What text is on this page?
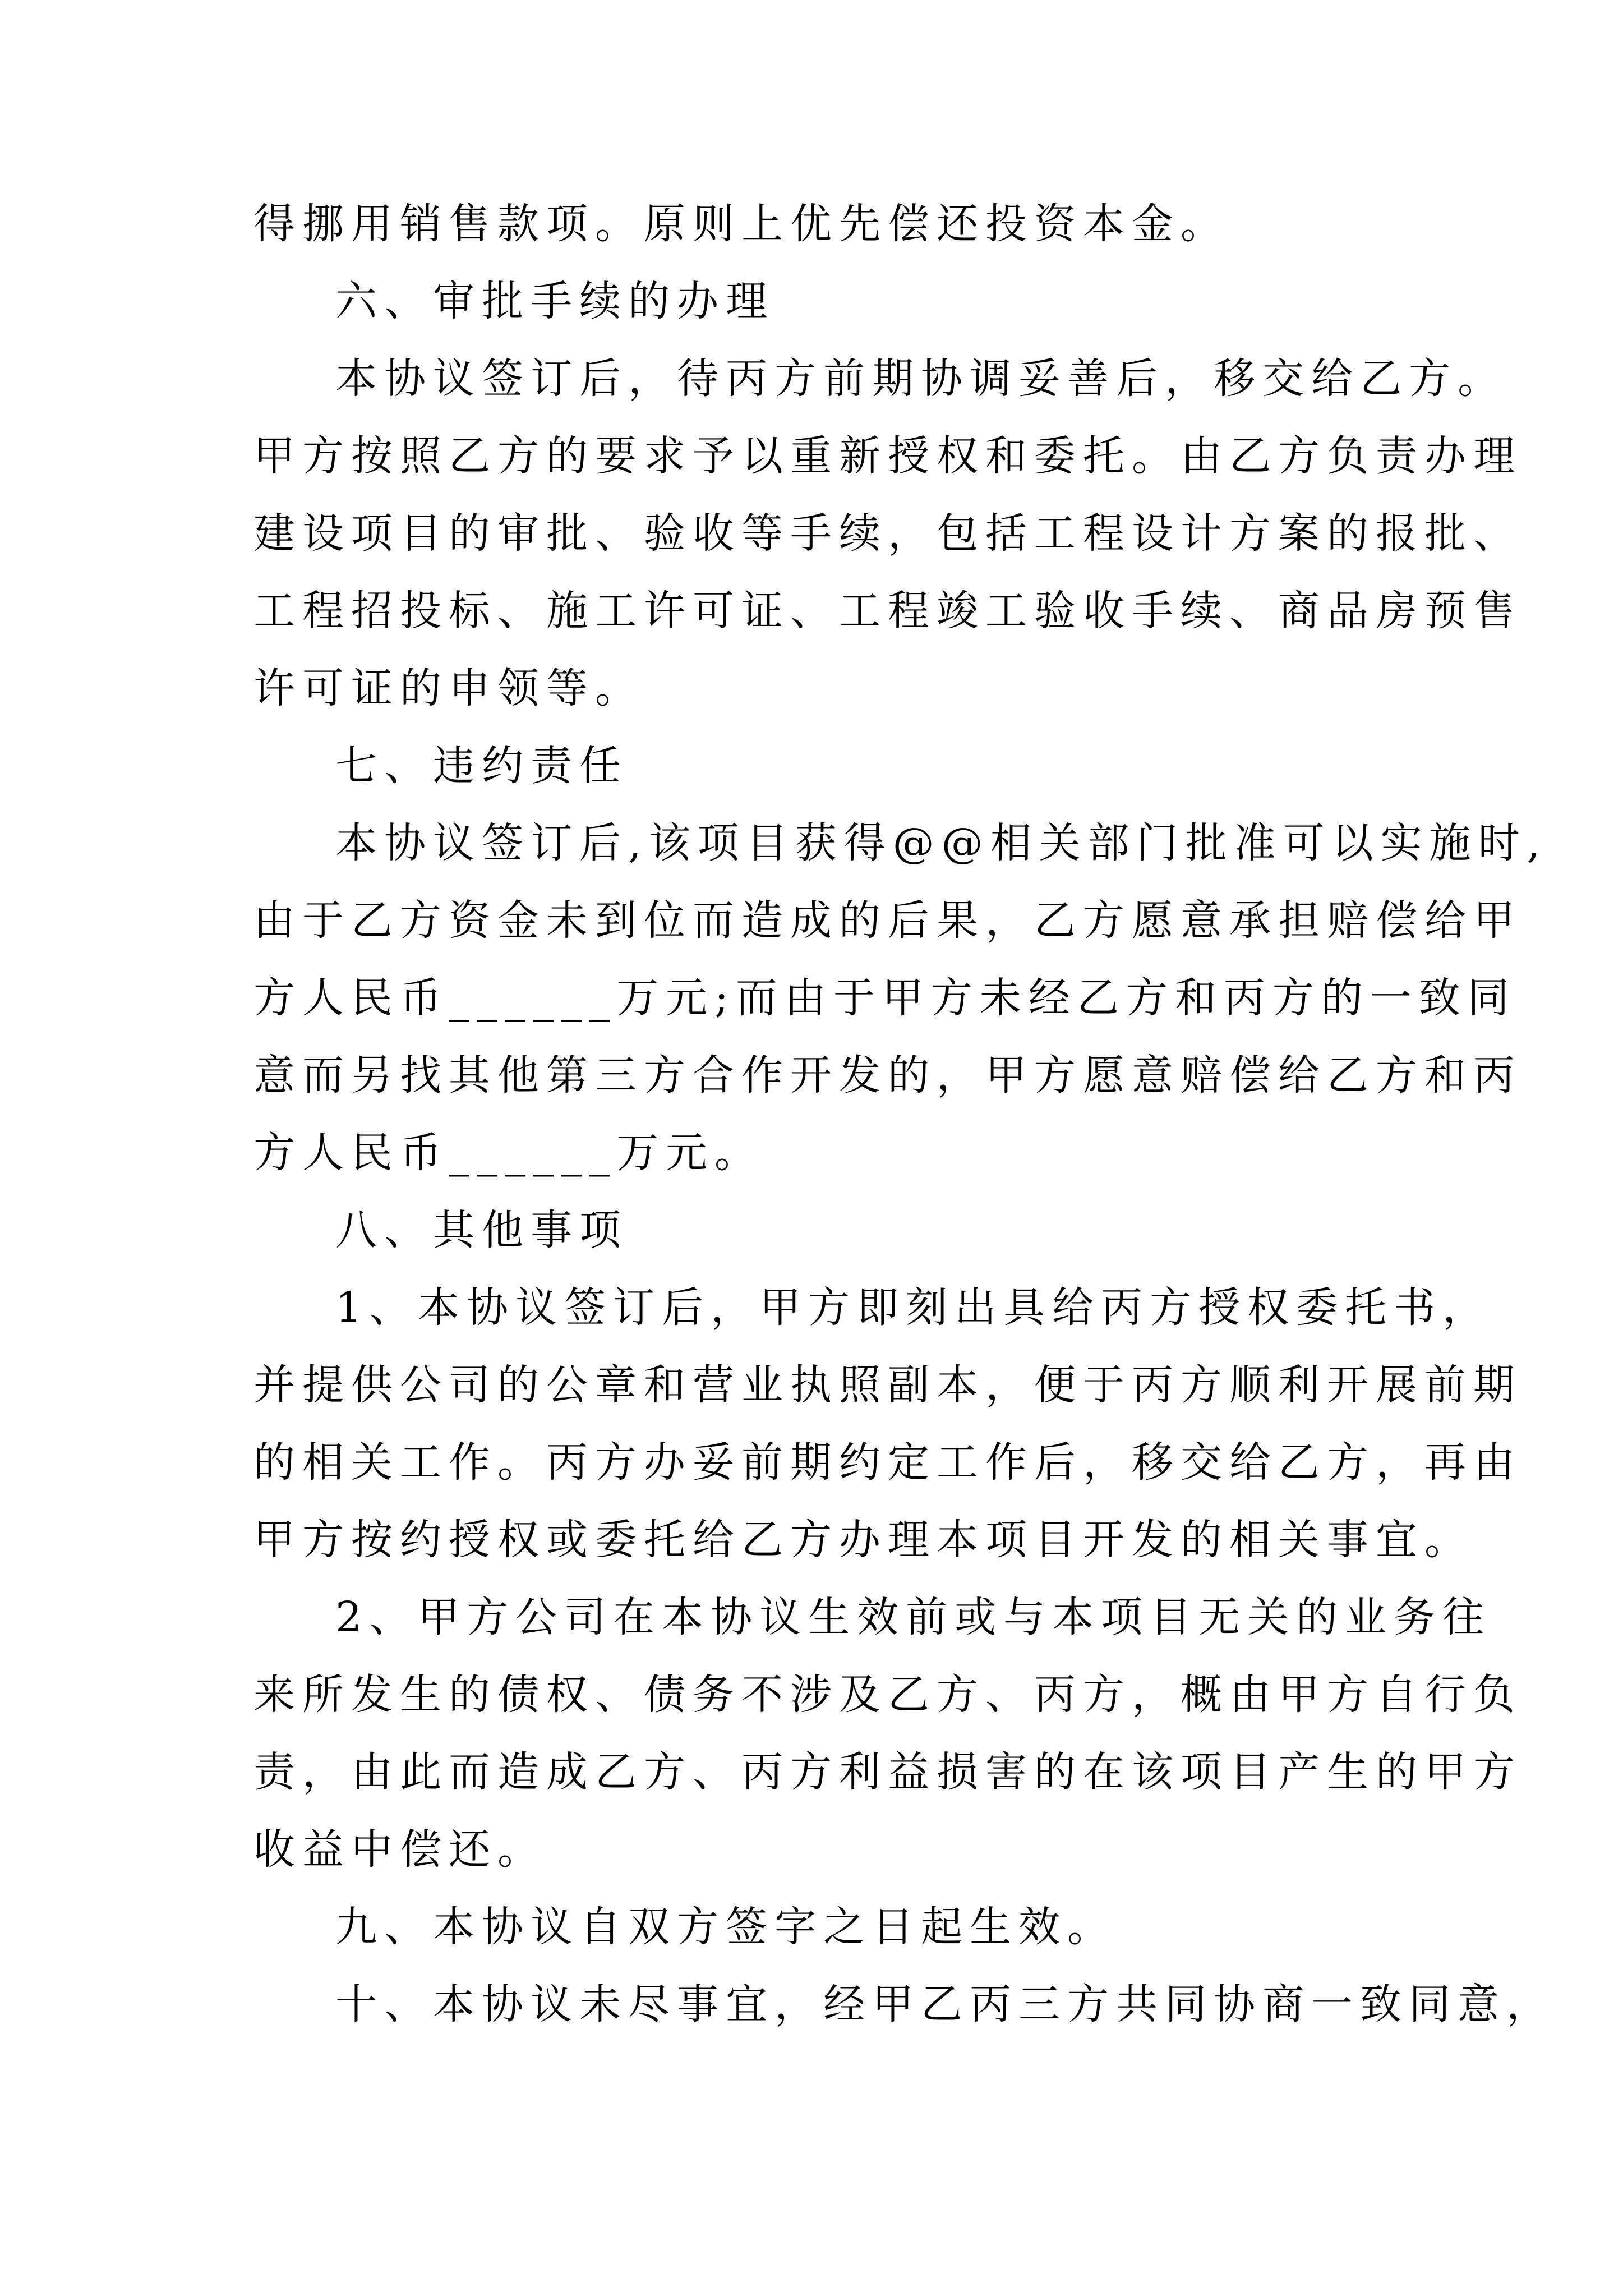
得挪用销售款项。原则上优先偿还投资本金。
六、审批手续的办理
本协议签订后，待丙方前期协调妥善后，移交给乙方。
甲方按照乙方的要求予以重新授权和委托。由乙方负责办理
建设项目的审批、验收等手续，包括工程设计方案的报批、
工程招投标、施工许可证、工程竣工验收手续、商品房预售
许可证的申领等。
七、违约责任
本协议签订后,该项目获得@@相关部门批准可以实施时,
由于乙方资金未到位而造成的后果，乙方愿意承担赔偿给甲
方人民币______万元;而由于甲方未经乙方和丙方的一致同
意而另找其他第三方合作开发的，甲方愿意赔偿给乙方和丙
方人民币______万元。
八、其他事项
1、本协议签订后，甲方即刻出具给丙方授权委托书，
并提供公司的公章和营业执照副本，便于丙方顺利开展前期
的相关工作。丙方办妥前期约定工作后，移交给乙方，再由
甲方按约授权或委托给乙方办理本项目开发的相关事宜。
2、甲方公司在本协议生效前或与本项目无关的业务往
来所发生的债权、债务不涉及乙方、丙方，概由甲方自行负
责，由此而造成乙方、丙方利益损害的在该项目产生的甲方
收益中偿还。
九、本协议自双方签字之日起生效。
十、本协议未尽事宜，经甲乙丙三方共同协商一致同意，
